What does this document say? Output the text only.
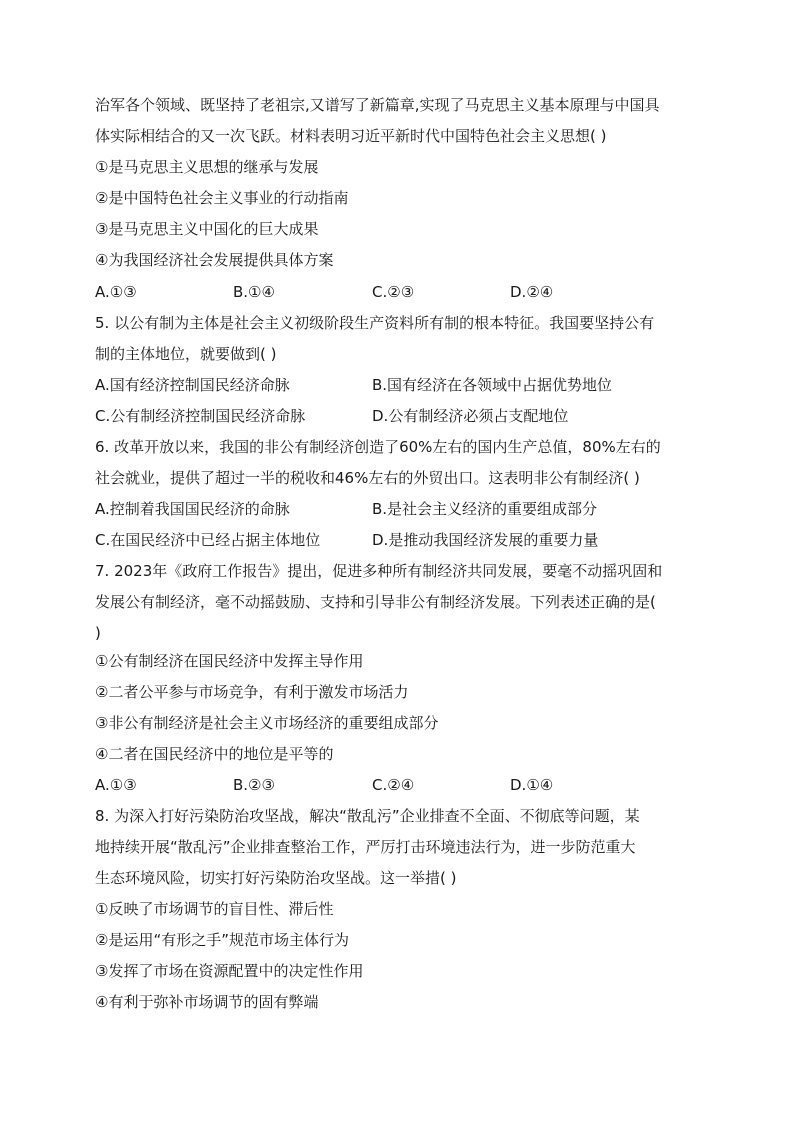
治军各个领域、既坚持了老祖宗,又谱写了新篇章,实现了马克思主义基本原理与中国具
体实际相结合的又一次飞跃。材料表明习近平新时代中国特色社会主义思想( )
①是马克思主义思想的继承与发展
②是中国特色社会主义事业的行动指南
③是马克思主义中国化的巨大成果
④为我国经济社会发展提供具体方案
A.①③	B.①④	C.②③	D.②④
5. 以公有制为主体是社会主义初级阶段生产资料所有制的根本特征。我国要坚持公有
制的主体地位，就要做到( )
A.国有经济控制国民经济命脉	B.国有经济在各领域中占据优势地位
C.公有制经济控制国民经济命脉	D.公有制经济必须占支配地位
6. 改革开放以来，我国的非公有制经济创造了60%左右的国内生产总值，80%左右的
社会就业，提供了超过一半的税收和46%左右的外贸出口。这表明非公有制经济( )
A.控制着我国国民经济的命脉	B.是社会主义经济的重要组成部分
C.在国民经济中已经占据主体地位	D.是推动我国经济发展的重要力量
7. 2023年《政府工作报告》提出，促进多种所有制经济共同发展，要毫不动摇巩固和
发展公有制经济，毫不动摇鼓励、支持和引导非公有制经济发展。下列表述正确的是(
)
①公有制经济在国民经济中发挥主导作用
②二者公平参与市场竞争，有利于激发市场活力
③非公有制经济是社会主义市场经济的重要组成部分
④二者在国民经济中的地位是平等的
A.①③	B.②③	C.②④	D.①④
8. 为深入打好污染防治攻坚战，解决“散乱污”企业排查不全面、不彻底等问题，某
地持续开展“散乱污”企业排查整治工作，严厉打击环境违法行为，进一步防范重大
生态环境风险，切实打好污染防治攻坚战。这一举措( )
①反映了市场调节的盲目性、滞后性
②是运用“有形之手”规范市场主体行为
③发挥了市场在资源配置中的决定性作用
④有利于弥补市场调节的固有弊端
